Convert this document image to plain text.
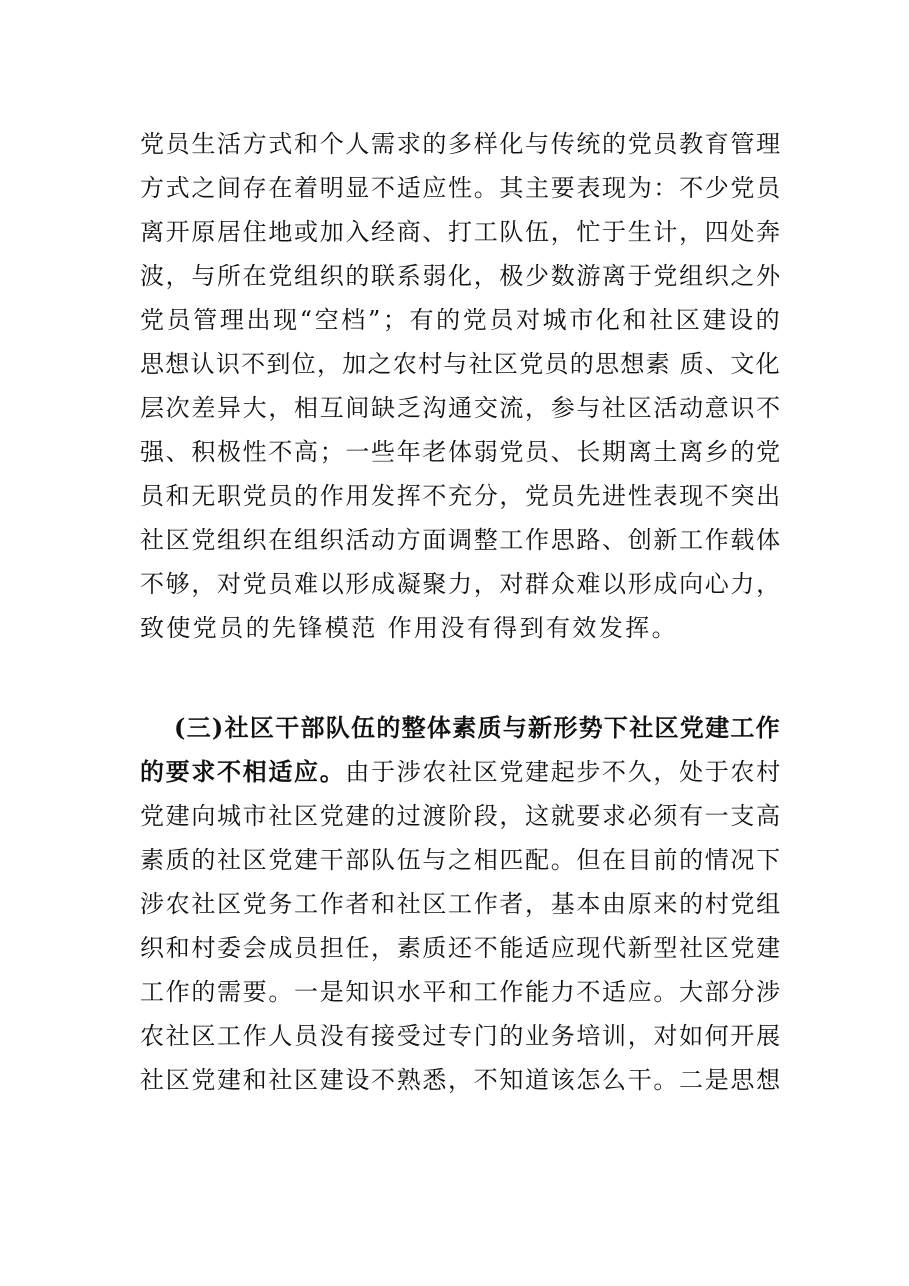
党员生活方式和个人需求的多样化与传统的党员教育管理
方式之间存在着明显不适应性。其主要表现为：不少党员
离开原居住地或加入经商、打工队伍，忙于生计，四处奔
波，与所在党组织的联系弱化，极少数游离于党组织之外
党员管理出现“空档”；有的党员对城市化和社区建设的
思想认识不到位，加之农村与社区党员的思想素 质、文化
层次差异大，相互间缺乏沟通交流，参与社区活动意识不
强、积极性不高；一些年老体弱党员、长期离土离乡的党
员和无职党员的作用发挥不充分，党员先进性表现不突出
社区党组织在组织活动方面调整工作思路、创新工作载体
不够，对党员难以形成凝聚力，对群众难以形成向心力，
致使党员的先锋模范 作用没有得到有效发挥。
(三)社区干部队伍的整体素质与新形势下社区党建工作
的要求不相适应。由于涉农社区党建起步不久，处于农村
党建向城市社区党建的过渡阶段，这就要求必须有一支高
素质的社区党建干部队伍与之相匹配。但在目前的情况下
涉农社区党务工作者和社区工作者，基本由原来的村党组
织和村委会成员担任，素质还不能适应现代新型社区党建
工作的需要。一是知识水平和工作能力不适应。大部分涉
农社区工作人员没有接受过专门的业务培训，对如何开展
社区党建和社区建设不熟悉，不知道该怎么干。二是思想
